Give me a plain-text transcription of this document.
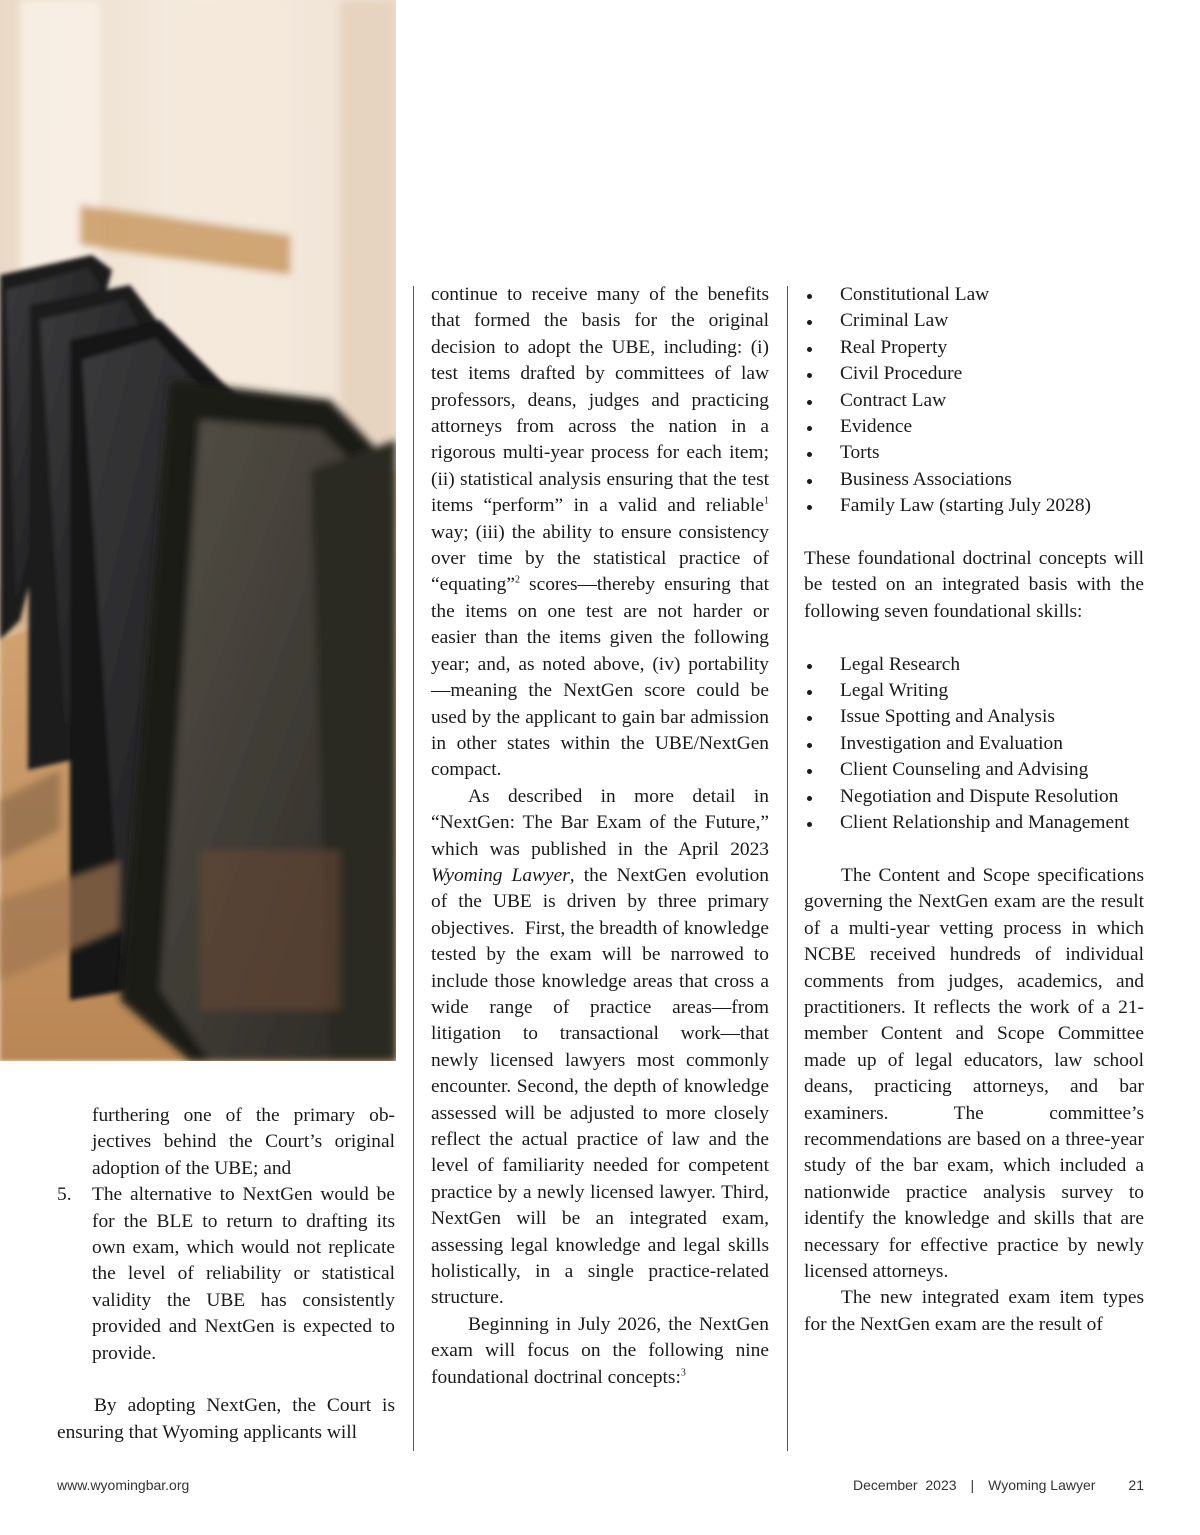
furthering one of the primary objectives behind the Court’s original adoption of the UBE; and

5. The alternative to NextGen would be for the BLE to return to drafting its own exam, which would not replicate the level of reliability or statistical validity the UBE has consistently provided and NextGen is expected to provide.

By adopting NextGen, the Court is ensuring that Wyoming applicants will

continue to receive many of the benefits that formed the basis for the original decision to adopt the UBE, including: (i) test items drafted by committees of law professors, deans, judges and practicing attorneys from across the nation in a rigorous multi-year process for each item; (ii) statistical analysis ensuring that the test items “perform” in a valid and reliable$^1$ way; (iii) the ability to ensure consistency over time by the statistical practice of “equating”$^2$ scores—thereby ensuring that the items on one test are not harder or easier than the items given the following year; and, as noted above, (iv) portability—meaning the NextGen score could be used by the applicant to gain bar admission in other states within the UBE/NextGen compact.

As described in more detail in “NextGen: The Bar Exam of the Future,” which was published in the April 2023 Wyoming Lawyer, the NextGen evolution of the UBE is driven by three primary objectives.  First, the breadth of knowledge tested by the exam will be narrowed to include those knowledge areas that cross a wide range of practice areas—from litigation to transactional work—that newly licensed lawyers most commonly encounter. Second, the depth of knowledge assessed will be adjusted to more closely reflect the actual practice of law and the level of familiarity needed for competent practice by a newly licensed lawyer. Third, NextGen will be an integrated exam, assessing legal knowledge and legal skills holistically, in a single practice-related structure.

Beginning in July 2026, the NextGen exam will focus on the following nine foundational doctrinal concepts:$^3$

Constitutional Law
Criminal Law
Real Property
Civil Procedure
Contract Law
Evidence
Torts
Business Associations
Family Law (starting July 2028)

These foundational doctrinal concepts will be tested on an integrated basis with the following seven foundational skills:

Legal Research
Legal Writing
Issue Spotting and Analysis
Investigation and Evaluation
Client Counseling and Advising
Negotiation and Dispute Resolution
Client Relationship and Management

The Content and Scope specifications governing the NextGen exam are the result of a multi-year vetting process in which NCBE received hundreds of individual comments from judges, academics, and practitioners. It reflects the work of a 21-member Content and Scope Committee made up of legal educators, law school deans, practicing attorneys, and bar examiners. The committee’s recommendations are based on a three-year study of the bar exam, which included a nationwide practice analysis survey to identify the knowledge and skills that are necessary for effective practice by newly licensed attorneys.

The new integrated exam item types for the NextGen exam are the result of

www.wyomingbar.org	December  2023 | Wyoming Lawyer 21
